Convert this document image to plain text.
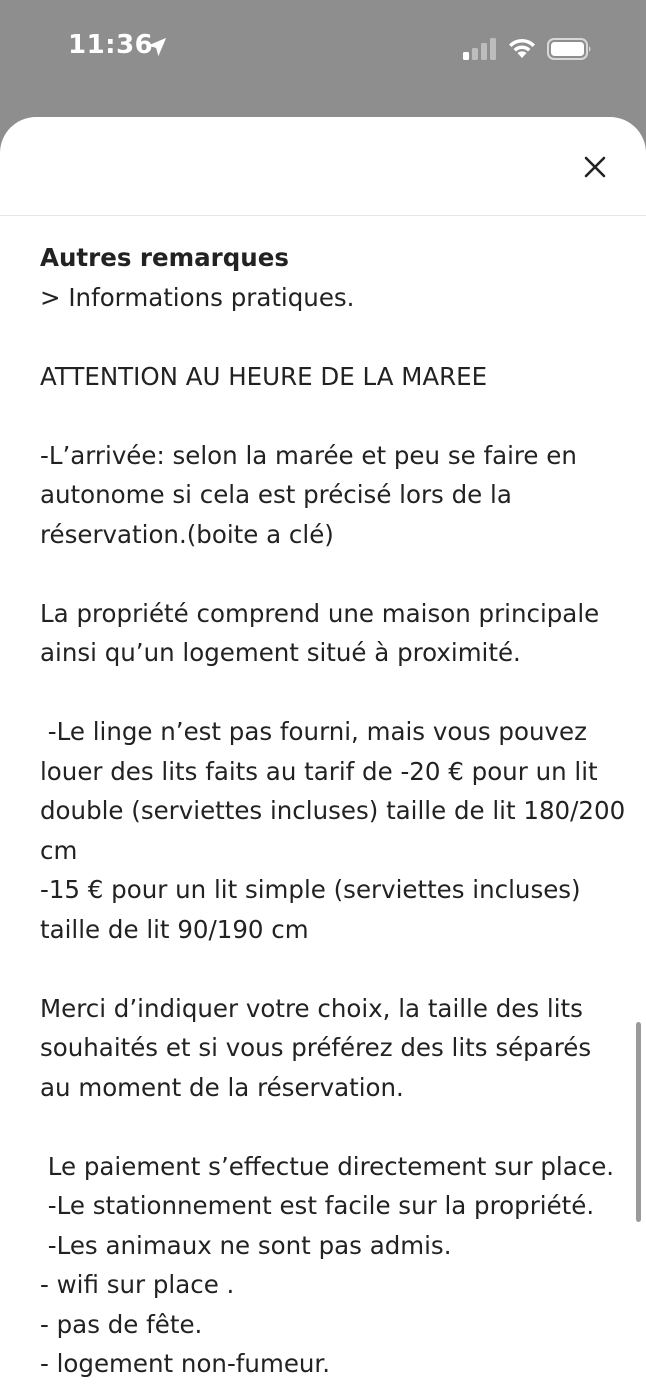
11:36

Autres remarques

> Informations pratiques.

ATTENTION AU HEURE DE LA MAREE

-L’arrivée: selon la marée et peu se faire en

autonome si cela est précisé lors de la

réservation.(boite a clé)

La propriété comprend une maison principale

ainsi qu’un logement situé à proximité.

-Le linge n’est pas fourni, mais vous pouvez

louer des lits faits au tarif de -20 € pour un lit

double (serviettes incluses) taille de lit 180/200

cm

-15 € pour un lit simple (serviettes incluses)

taille de lit 90/190 cm

Merci d’indiquer votre choix, la taille des lits

souhaités et si vous préférez des lits séparés

au moment de la réservation.

Le paiement s’effectue directement sur place.

-Le stationnement est facile sur la propriété.

-Les animaux ne sont pas admis.

- wifi sur place .

- pas de fête.

- logement non-fumeur.
